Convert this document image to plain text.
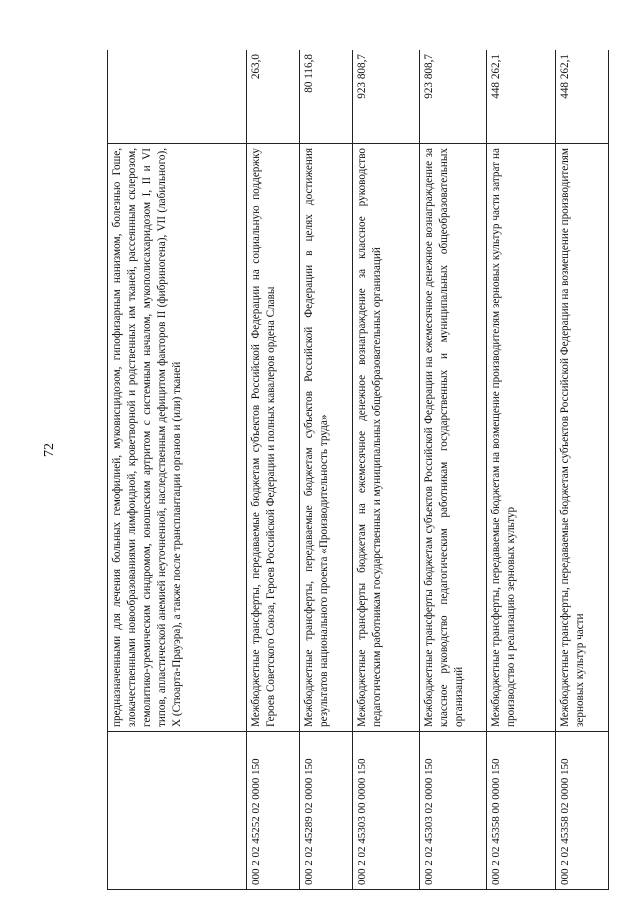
72
		предназначенными для лечения больных гемофилией, муковисцидозом, гипофизарным нанизмом, болезнью Гоше, злокачественными новообразованиями лимфоидной, кроветворной и родственных им тканей, рассеянным склерозом, гемолитико-уремическим синдромом, юношеским артритом с системным началом, мукополисахаридозом I, II и VI типов, апластической анемией неуточненной, наследственным дефицитом факторов II (фибриногена), VII (лабильного), X (Стюарта-Прауэра), а также после трансплантации органов и (или) тканей	
000 2 02 45252 02 0000 150	Межбюджетные трансферты, передаваемые бюджетам субъектов Российской Федерации на социальную поддержку Героев Советского Союза, Героев Российской Федерации и полных кавалеров ордена Славы	263,0
000 2 02 45289 02 0000 150	Межбюджетные трансферты, передаваемые бюджетам субъектов Российской Федерации в целях достижения результатов национального проекта «Производительность труда»	80 116,8
000 2 02 45303 00 0000 150	Межбюджетные трансферты бюджетам на ежемесячное денежное вознаграждение за классное руководство педагогическим работникам государственных и муниципальных общеобразовательных организаций	923 808,7
000 2 02 45303 02 0000 150	Межбюджетные трансферты бюджетам субъектов Российской Федерации на ежемесячное денежное вознаграждение за классное руководство педагогическим работникам государственных и муниципальных общеобразовательных организаций	923 808,7
000 2 02 45358 00 0000 150	Межбюджетные трансферты, передаваемые бюджетам на возмещение производителям зерновых культур части затрат на производство и реализацию зерновых культур	448 262,1
000 2 02 45358 02 0000 150	Межбюджетные трансферты, передаваемые бюджетам субъектов Российской Федерации на возмещение производителям зерновых культур части	448 262,1
